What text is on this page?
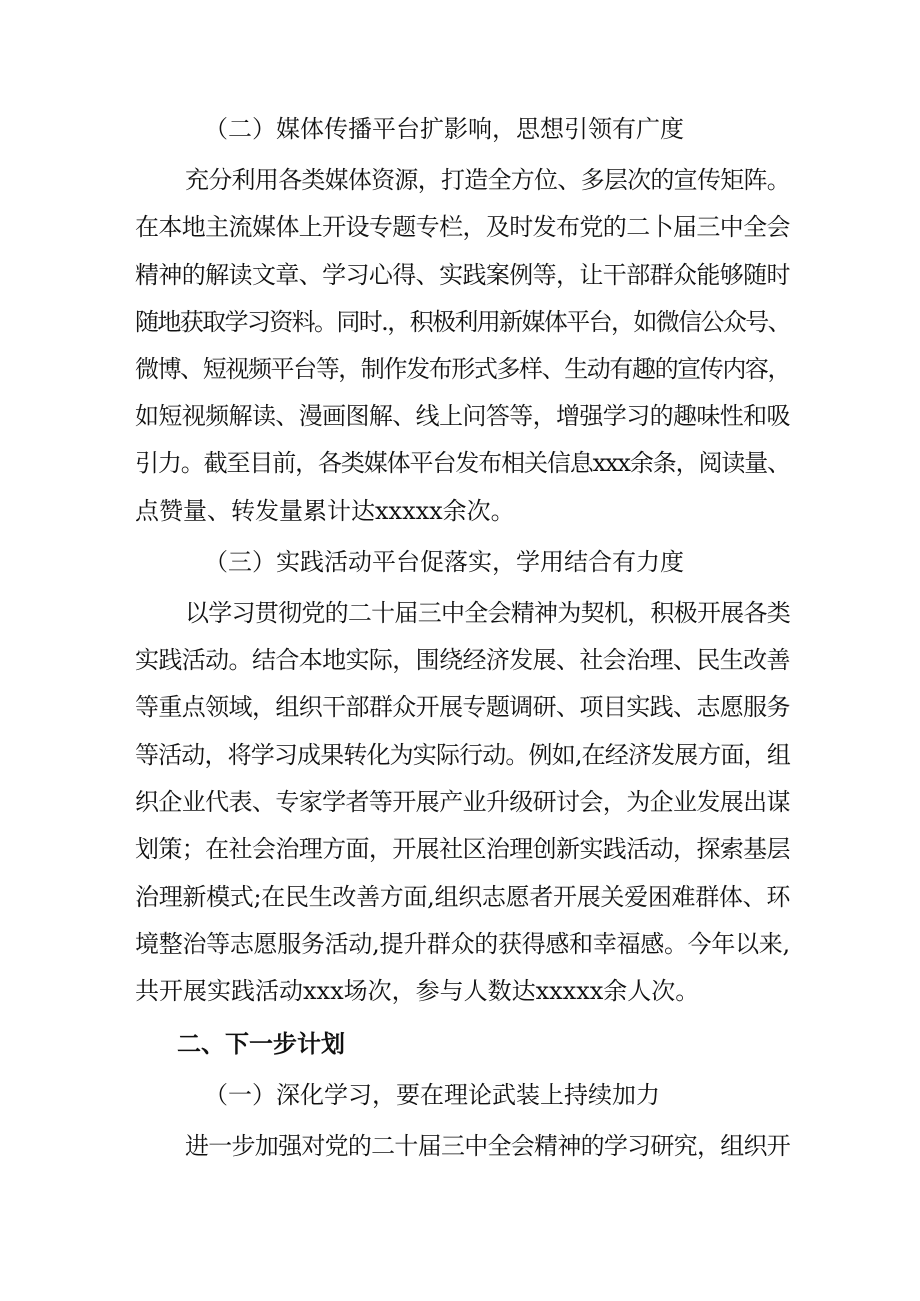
（二）媒体传播平台扩影响，思想引领有广度
充分利用各类媒体资源，打造全方位、多层次的宣传矩阵。
在本地主流媒体上开设专题专栏，及时发布党的二卜届三中全会
精神的解读文章、学习心得、实践案例等，让干部群众能够随时
随地获取学习资料。同时.，积极利用新媒体平台，如微信公众号、
微博、短视频平台等，制作发布形式多样、生动有趣的宣传内容，
如短视频解读、漫画图解、线上问答等，增强学习的趣味性和吸
引力。截至目前，各类媒体平台发布相关信息xxx余条，阅读量、
点赞量、转发量累计达xxxxx余次。
（三）实践活动平台促落实，学用结合有力度
以学习贯彻党的二十届三中全会精神为契机，积极开展各类
实践活动。结合本地实际，围绕经济发展、社会治理、民生改善
等重点领域，组织干部群众开展专题调研、项目实践、志愿服务
等活动，将学习成果转化为实际行动。例如,在经济发展方面，组
织企业代表、专家学者等开展产业升级研讨会，为企业发展出谋
划策；在社会治理方面，开展社区治理创新实践活动，探索基层
治理新模式;在民生改善方面,组织志愿者开展关爱困难群体、环
境整治等志愿服务活动,提升群众的获得感和幸福感。今年以来,
共开展实践活动xxx场次，参与人数达xxxxx余人次。
二、下一步计划
（一）深化学习，要在理论武装上持续加力
进一步加强对党的二十届三中全会精神的学习研究，组织开
